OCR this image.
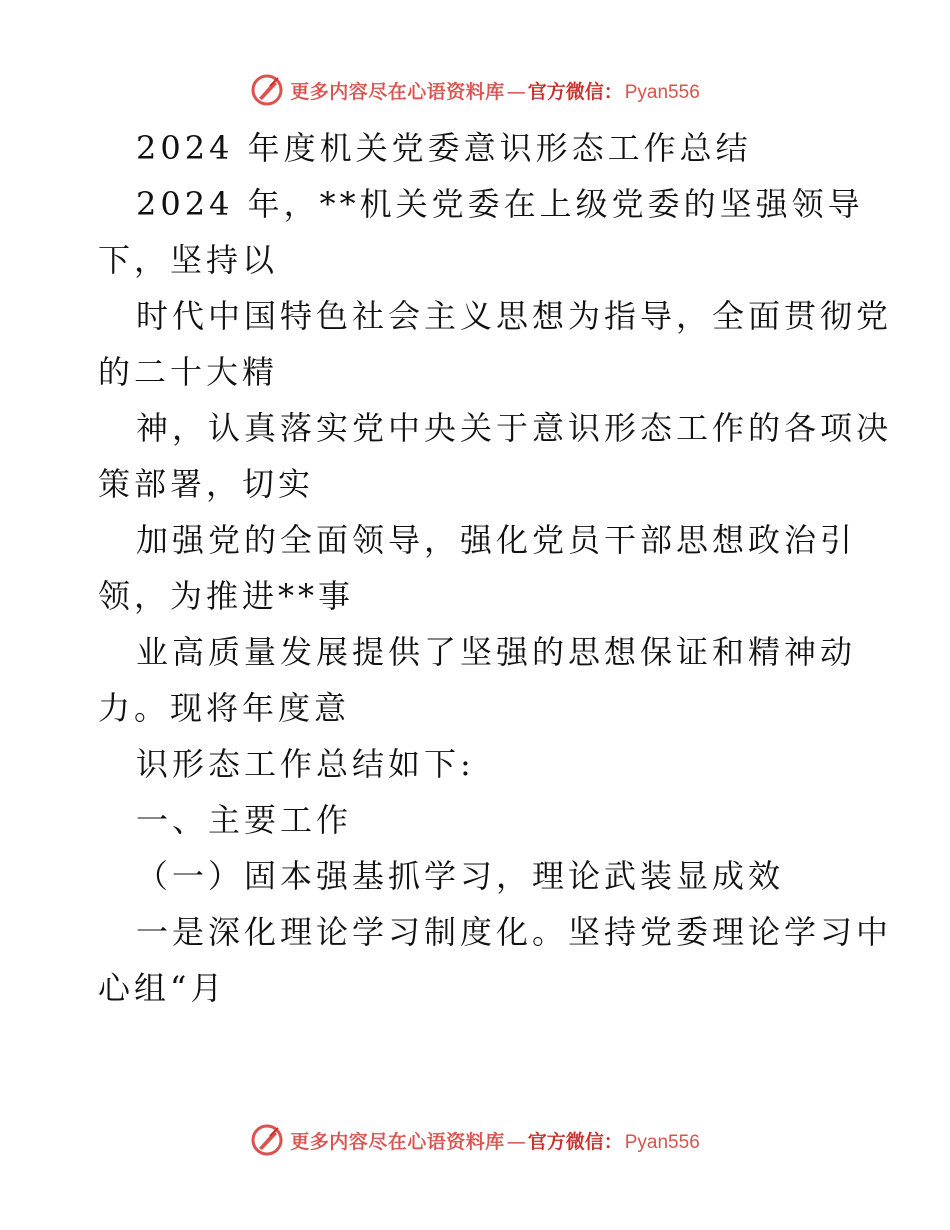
更多内容尽在心语资料库 — 官方微信： Pyan556
2024 年度机关党委意识形态工作总结
2024 年，**机关党委在上级党委的坚强领导
下，坚持以
时代中国特色社会主义思想为指导，全面贯彻党
的二十大精
神，认真落实党中央关于意识形态工作的各项决
策部署，切实
加强党的全面领导，强化党员干部思想政治引
领，为推进**事
业高质量发展提供了坚强的思想保证和精神动
力。现将年度意
识形态工作总结如下:
一、主要工作
（一）固本强基抓学习，理论武装显成效
一是深化理论学习制度化。坚持党委理论学习中
心组“月
更多内容尽在心语资料库 — 官方微信： Pyan556
